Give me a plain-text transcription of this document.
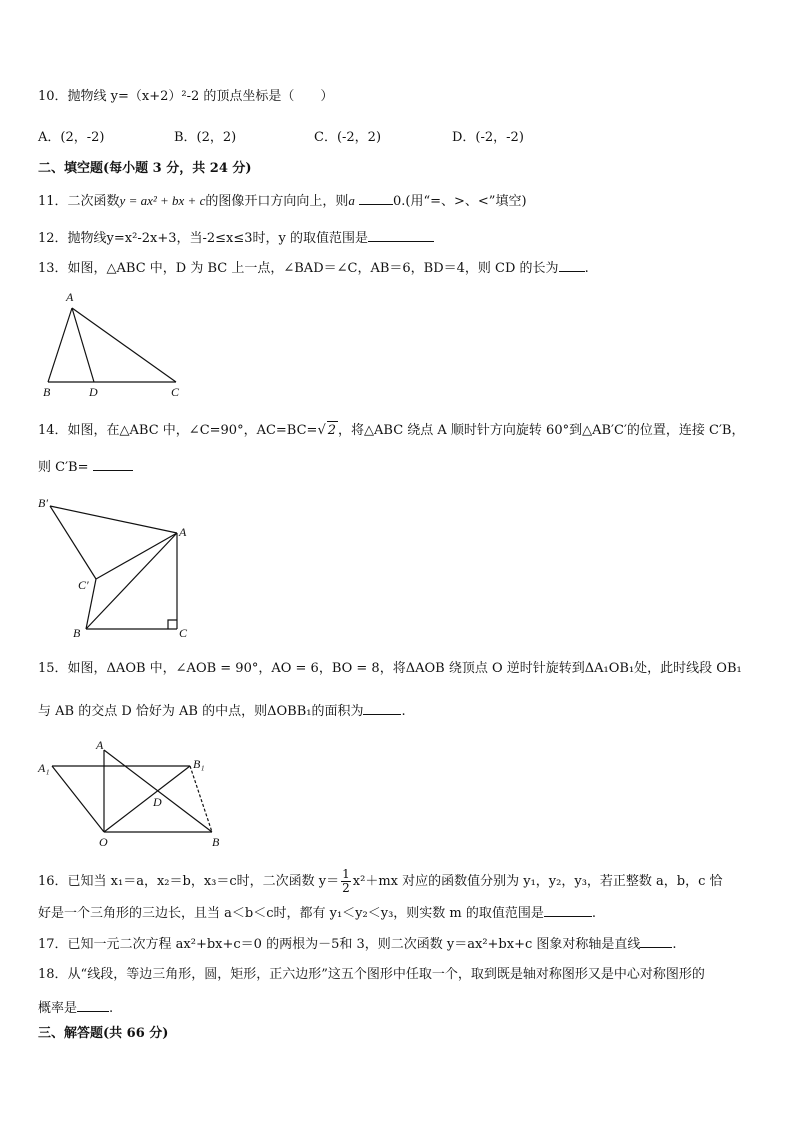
10．抛物线 y=（x+2）²-2 的顶点坐标是（　　）
A．(2，-2)	B．(2，2)	C．(-2，2)	D．(-2，-2)
二、填空题(每小题 3 分，共 24 分)
11．二次函数y = ax² + bx + c的图像开口方向向上，则a	0.(用“=、>、<”填空)
12．抛物线y=x²-2x+3，当-2≤x≤3时，y 的取值范围是
13．如图，△ABC 中，D 为 BC 上一点，∠BAD＝∠C，AB＝6，BD＝4，则 CD 的长为 .
A
B	D	C
14．如图，在△ABC 中，∠C=90°，AC=BC=√ 2 ，将△ABC 绕点 A 顺时针方向旋转 60°到△AB′C′的位置，连接 C′B，
则 C′B=
B′
A
C′
B	C
15．如图，ΔAOB 中，∠AOB = 90°，AO = 6，BO = 8，将ΔAOB 绕顶点 O 逆时针旋转到ΔA₁OB₁处，此时线段 OB₁
与 AB 的交点 D 恰好为 AB 的中点，则ΔOBB₁的面积为	.
A
A₁	B₁
D
O	B
16．已知当 x₁＝a，x₂＝b，x₃＝c时，二次函数 $y= \frac{1}{2} x^2+mx$ 对应的函数值分别为 y₁，y₂，y₃，若正整数 a，b，c 恰
好是一个三角形的三边长，且当 a＜b＜c时，都有 y₁＜y₂＜y₃，则实数 m 的取值范围是	.
17．已知一元二次方程 ax²+bx+c＝0 的两根为－5和 3，则二次函数 y＝ax²+bx+c 图象对称轴是直线 .
18．从“线段，等边三角形，圆，矩形，正六边形”这五个图形中任取一个，取到既是轴对称图形又是中心对称图形的
概率是 .
三、解答题(共 66 分)
